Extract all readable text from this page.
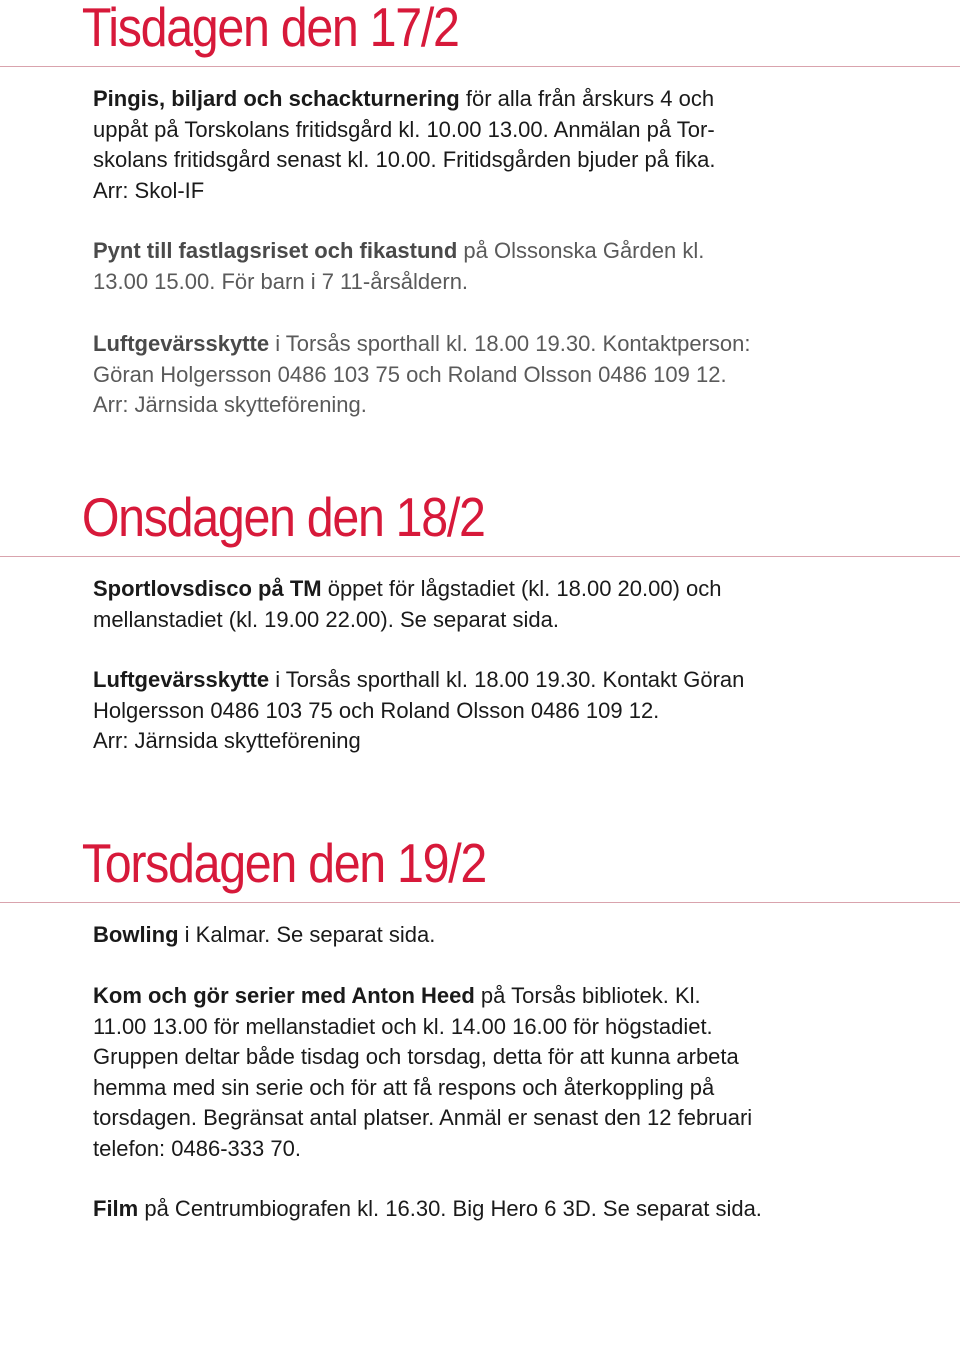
Tisdagen den 17/2

Pingis, biljard och schackturnering för alla från årskurs 4 och
uppåt på Torskolans fritidsgård kl. 10.00 13.00. Anmälan på Tor-
skolans fritidsgård senast kl. 10.00. Fritidsgården bjuder på fika.
Arr: Skol-IF

Pynt till fastlagsriset och fikastund på Olssonska Gården kl.
13.00 15.00. För barn i 7 11-årsåldern.

Luftgevärsskytte i Torsås sporthall kl. 18.00 19.30. Kontaktperson:
Göran Holgersson 0486 103 75 och Roland Olsson 0486 109 12.
Arr: Järnsida skytteförening.

Onsdagen den 18/2

Sportlovsdisco på TM öppet för lågstadiet (kl. 18.00 20.00) och
mellanstadiet (kl. 19.00 22.00). Se separat sida.

Luftgevärsskytte i Torsås sporthall kl. 18.00 19.30. Kontakt Göran
Holgersson 0486 103 75 och Roland Olsson 0486 109 12.
Arr: Järnsida skytteförening

Torsdagen den 19/2

Bowling i Kalmar. Se separat sida.

Kom och gör serier med Anton Heed på Torsås bibliotek. Kl.
11.00 13.00 för mellanstadiet och kl. 14.00 16.00 för högstadiet.
Gruppen deltar både tisdag och torsdag, detta för att kunna arbeta
hemma med sin serie och för att få respons och återkoppling på
torsdagen. Begränsat antal platser. Anmäl er senast den 12 februari
telefon: 0486-333 70.

Film på Centrumbiografen kl. 16.30. Big Hero 6 3D. Se separat sida.
